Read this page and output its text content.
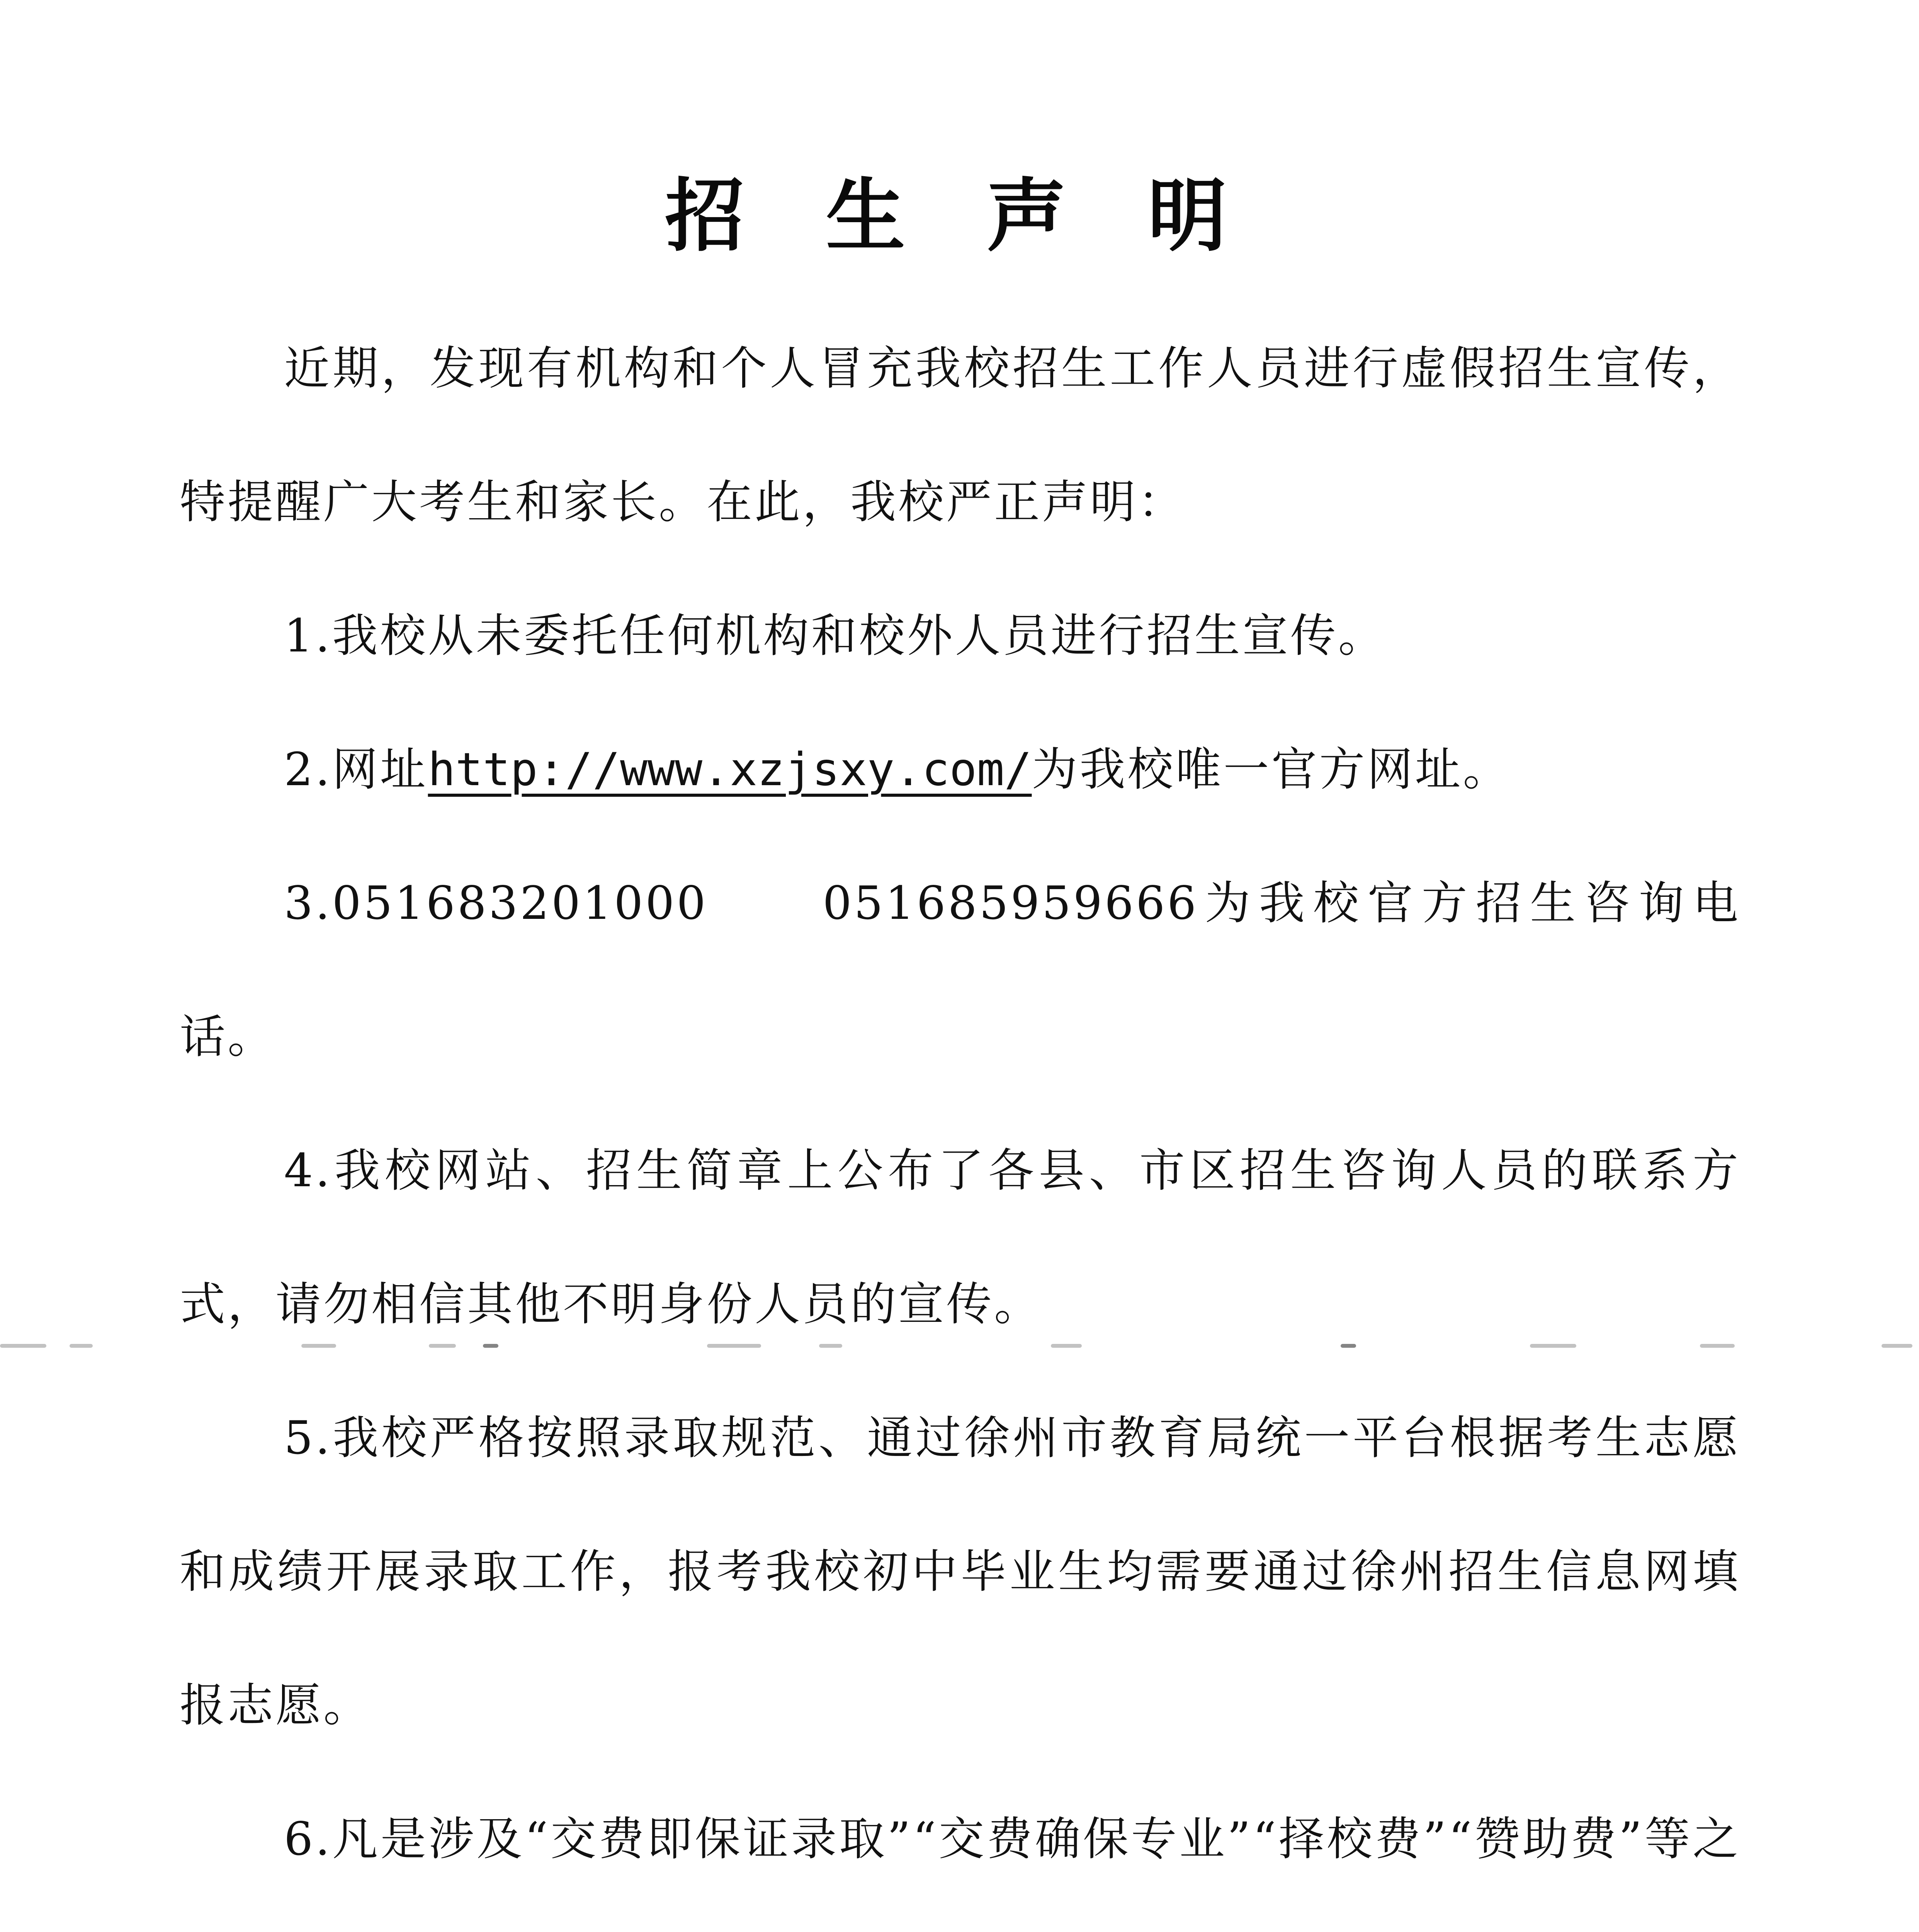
招 生 声 明

近期，发现有机构和个人冒充我校招生工作人员进行虚假招生宣传，特提醒广大考生和家长。在此，我校严正声明：

1.我校从未委托任何机构和校外人员进行招生宣传。

2.网址http://www.xzjsxy.com/为我校唯一官方网址。

3.051683201000　　051685959666为我校官方招生咨询电话。

4.我校网站、招生简章上公布了各县、市区招生咨询人员的联系方式，请勿相信其他不明身份人员的宣传。

5.我校严格按照录取规范、通过徐州市教育局统一平台根据考生志愿和成绩开展录取工作，报考我校初中毕业生均需要通过徐州招生信息网填报志愿。

6.凡是涉及“交费即保证录取”“交费确保专业”“择校费”“赞助费”等之
